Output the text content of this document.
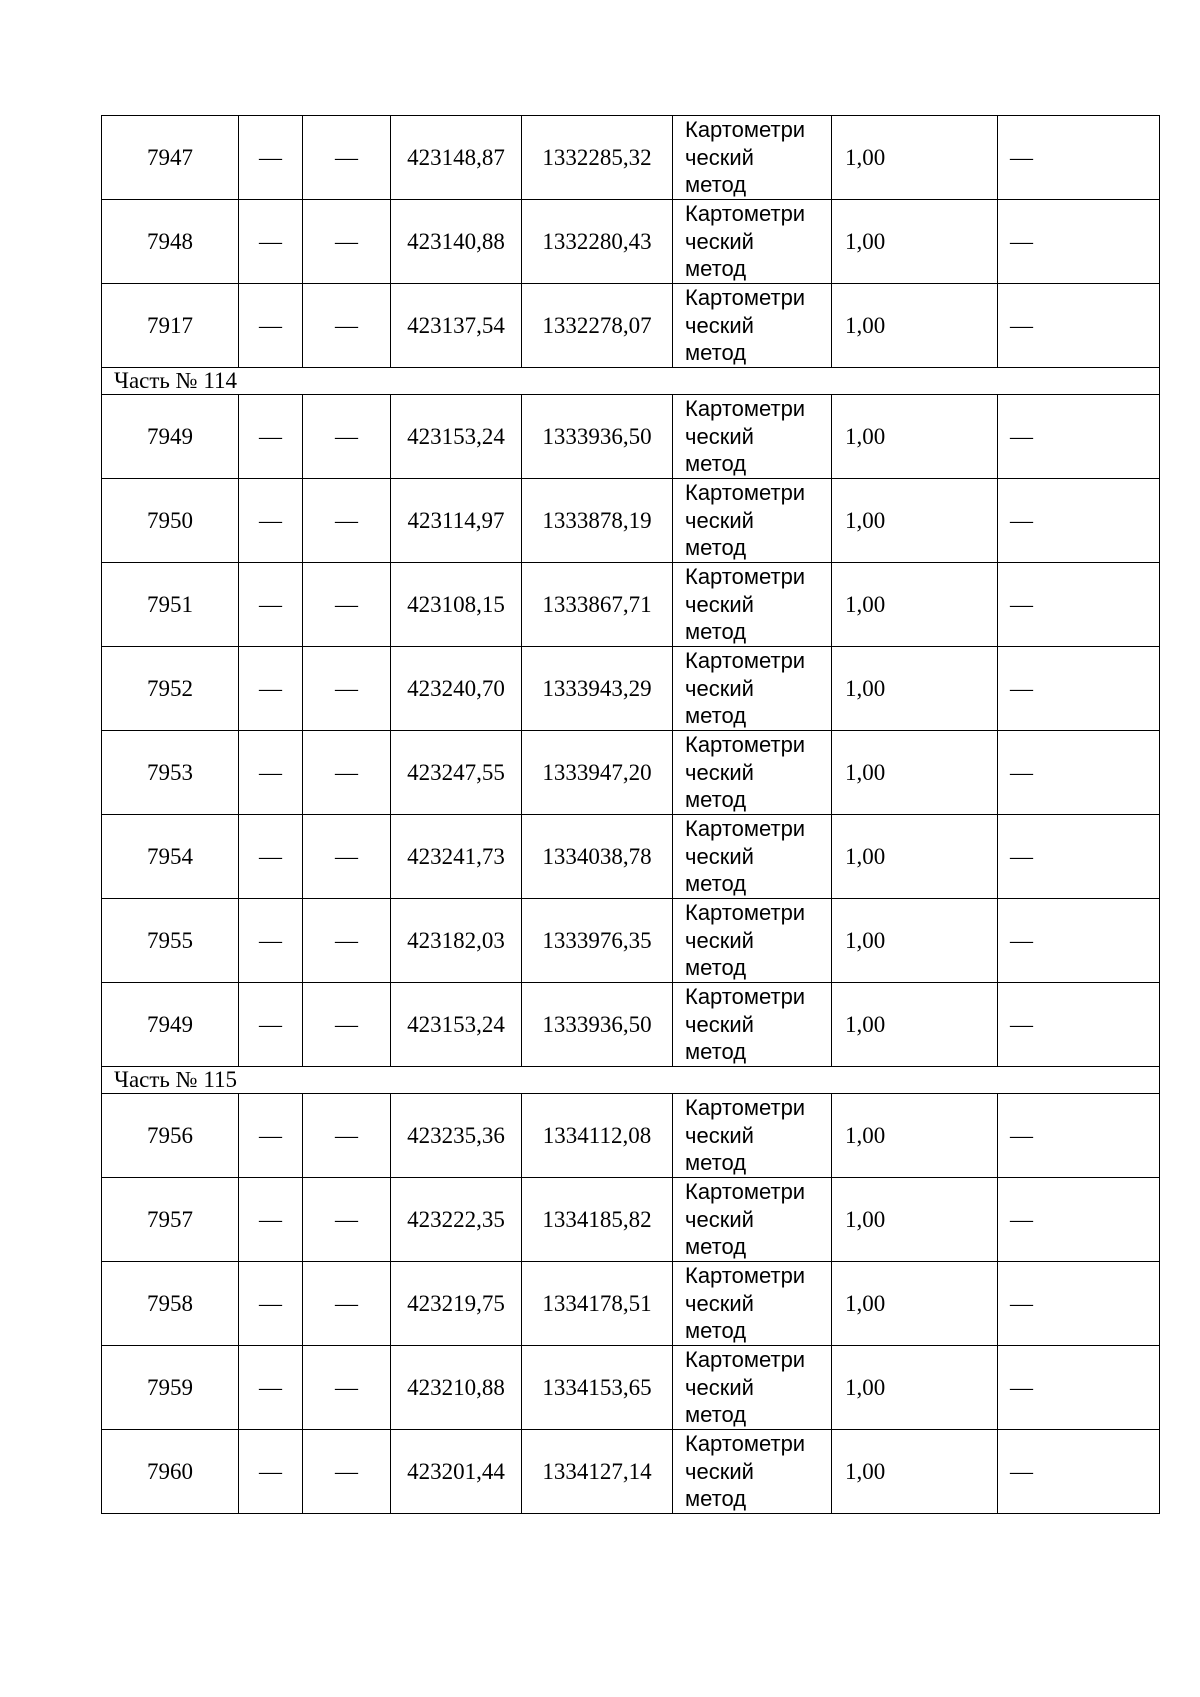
7947	—	—	423148,87	1332285,32	Картометри
ческий
метод	1,00	—
7948	—	—	423140,88	1332280,43	Картометри
ческий
метод	1,00	—
7917	—	—	423137,54	1332278,07	Картометри
ческий
метод	1,00	—
Часть № 114							
7949	—	—	423153,24	1333936,50	Картометри
ческий
метод	1,00	—
7950	—	—	423114,97	1333878,19	Картометри
ческий
метод	1,00	—
7951	—	—	423108,15	1333867,71	Картометри
ческий
метод	1,00	—
7952	—	—	423240,70	1333943,29	Картометри
ческий
метод	1,00	—
7953	—	—	423247,55	1333947,20	Картометри
ческий
метод	1,00	—
7954	—	—	423241,73	1334038,78	Картометри
ческий
метод	1,00	—
7955	—	—	423182,03	1333976,35	Картометри
ческий
метод	1,00	—
7949	—	—	423153,24	1333936,50	Картометри
ческий
метод	1,00	—
Часть № 115							
7956	—	—	423235,36	1334112,08	Картометри
ческий
метод	1,00	—
7957	—	—	423222,35	1334185,82	Картометри
ческий
метод	1,00	—
7958	—	—	423219,75	1334178,51	Картометри
ческий
метод	1,00	—
7959	—	—	423210,88	1334153,65	Картометри
ческий
метод	1,00	—
7960	—	—	423201,44	1334127,14	Картометри
ческий
метод	1,00	—
